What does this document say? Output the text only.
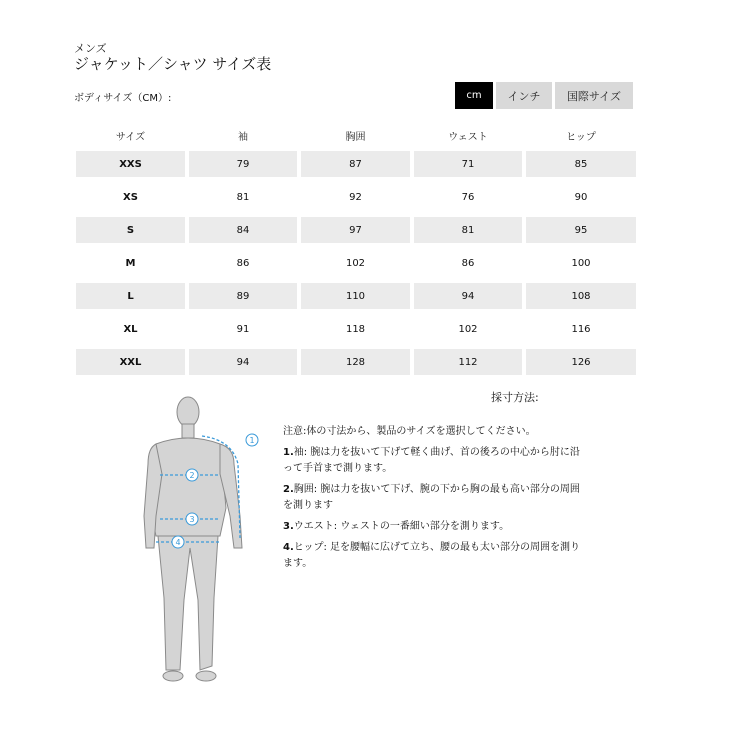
メンズ
ジャケット／シャツ サイズ表
ボディサイズ（CM）:	cm	インチ	国際サイズ
サイズ	袖	胸囲	ウェスト	ヒップ
XXS	79	87	71	85
XS	81	92	76	90
S	84	97	81	95
M	86	102	86	100
L	89	110	94	108
XL	91	118	102	116
XXL	94	128	112	126
1
2
3
4
採寸方法:

注意:体の寸法から、製品のサイズを選択してください。

1.袖: 腕は力を抜いて下げて軽く曲げ、首の後ろの中心から肘に沿って手首まで測ります。

2.胸囲: 腕は力を抜いて下げ、腕の下から胸の最も高い部分の周囲を測ります

3.ウエスト: ウェストの一番細い部分を測ります。

4.ヒップ: 足を腰幅に広げて立ち、腰の最も太い部分の周囲を測ります。
